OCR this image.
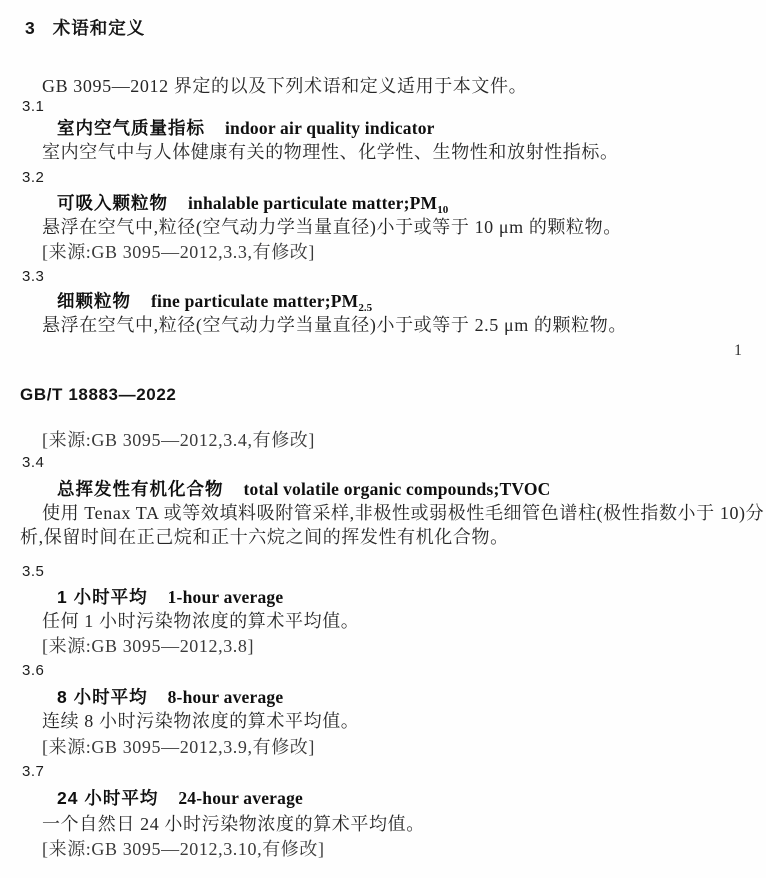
3 术语和定义
GB 3095—2012 界定的以及下列术语和定义适用于本文件。
3.1
室内空气质量指标 indoor air quality indicator
室内空气中与人体健康有关的物理性、化学性、生物性和放射性指标。
3.2
可吸入颗粒物 inhalable particulate $matter;PM_{10}$
悬浮在空气中,粒径(空气动力学当量直径)小于或等于 10 μm 的颗粒物。
[来源:GB 3095—2012,3.3,有修改]
3.3
细颗粒物 fine particulate $matter;PM_{2.5}$
悬浮在空气中,粒径(空气动力学当量直径)小于或等于 2.5 μm 的颗粒物。
1
GB/T 18883—2022
[来源:GB 3095—2012,3.4,有修改]
3.4
总挥发性有机化合物 total volatile organic compounds;TVOC
使用 Tenax TA 或等效填料吸附管采样,非极性或弱极性毛细管色谱柱(极性指数小于 10)分
析,保留时间在正己烷和正十六烷之间的挥发性有机化合物。
3.5
1 小时平均 1-hour average
任何 1 小时污染物浓度的算术平均值。
[来源:GB 3095—2012,3.8]
3.6
8 小时平均 8-hour average
连续 8 小时污染物浓度的算术平均值。
[来源:GB 3095—2012,3.9,有修改]
3.7
24 小时平均 24-hour average
一个自然日 24 小时污染物浓度的算术平均值。
[来源:GB 3095—2012,3.10,有修改]
